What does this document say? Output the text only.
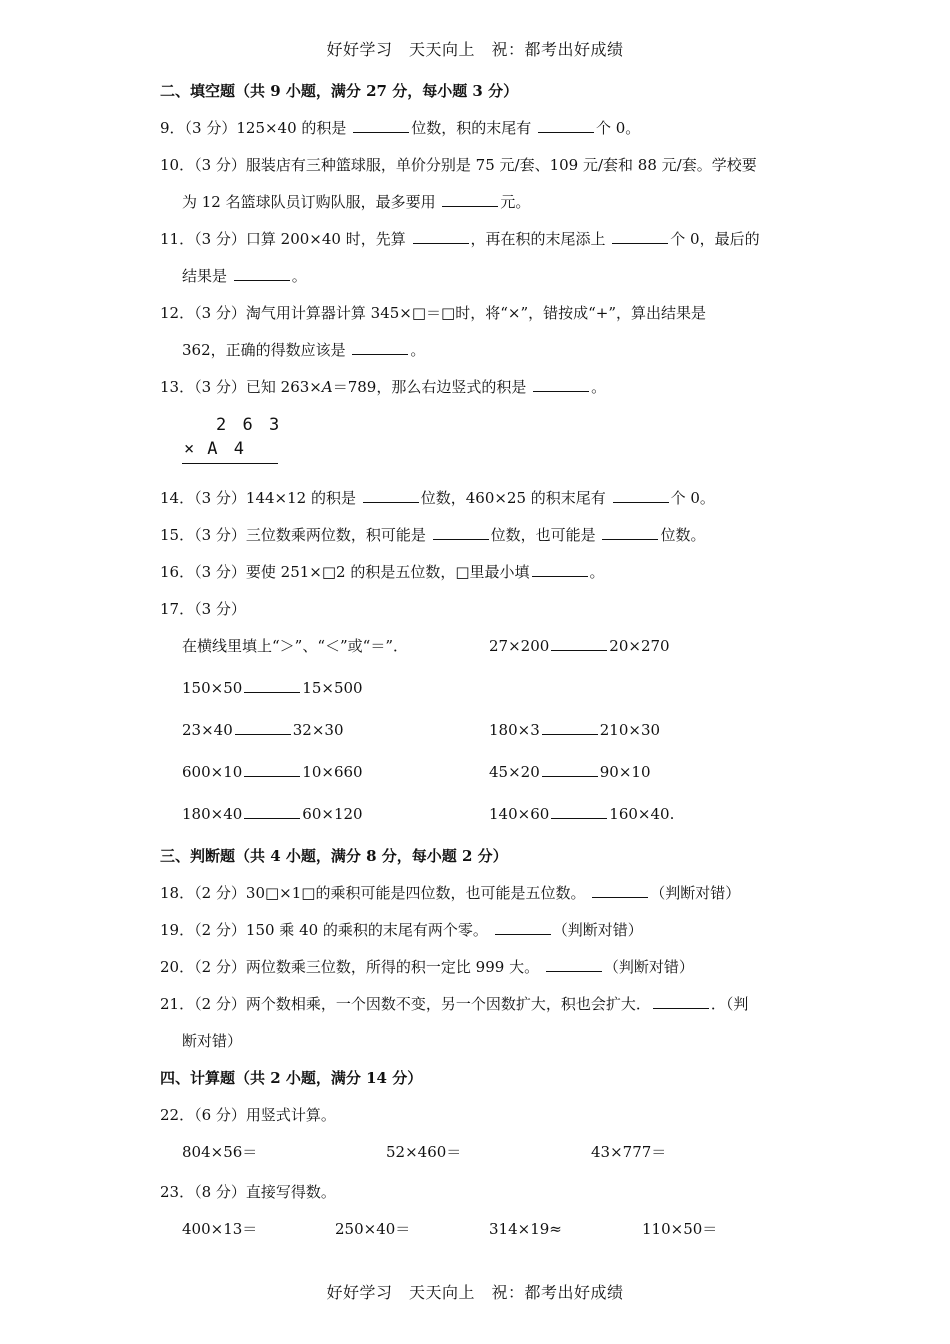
好好学习　天天向上　祝：都考出好成绩
二、填空题（共 9 小题，满分 27 分，每小题 3 分）
9．（3 分）125×40 的积是	位数，积的末尾有	个 0。
10．（3 分）服装店有三种篮球服，单价分别是 75 元/套、109 元/套和 88 元/套。学校要
为 12 名篮球队员订购队服，最多要用	元。
11．（3 分）口算 200×40 时，先算	，再在积的末尾添上	个 0，最后的
结果是	。
12．（3 分）淘气用计算器计算 345×□＝□时，将“×”，错按成“+”，算出结果是
362，正确的得数应该是	。
13．（3 分）已知 263×A＝789，那么右边竖式的积是	。
2 6 3
× A 4
14．（3 分）144×12 的积是	位数，460×25 的积末尾有	个 0。
15．（3 分）三位数乘两位数，积可能是	位数，也可能是	位数。
16．（3 分）要使 251×□2 的积是五位数，□里最小填	。
17．（3 分）
在横线里填上“＞”、“＜”或“＝”．	27×200	20×270
150×50	15×500
23×40	32×30	180×3	210×30
600×10	10×660	45×20	90×10
180×40	60×120	140×60	160×40.
三、判断题（共 4 小题，满分 8 分，每小题 2 分）
18．（2 分）30□×1□的乘积可能是四位数，也可能是五位数。	（判断对错）
19．（2 分）150 乘 40 的乘积的末尾有两个零。	（判断对错）
20．（2 分）两位数乘三位数，所得的积一定比 999 大。	（判断对错）
21．（2 分）两个数相乘，一个因数不变，另一个因数扩大，积也会扩大．	．（判
断对错）
四、计算题（共 2 小题，满分 14 分）
22．（6 分）用竖式计算。
804×56＝	52×460＝	43×777＝
23．（8 分）直接写得数。
400×13＝	250×40＝	314×19≈	110×50＝
好好学习　天天向上　祝：都考出好成绩
